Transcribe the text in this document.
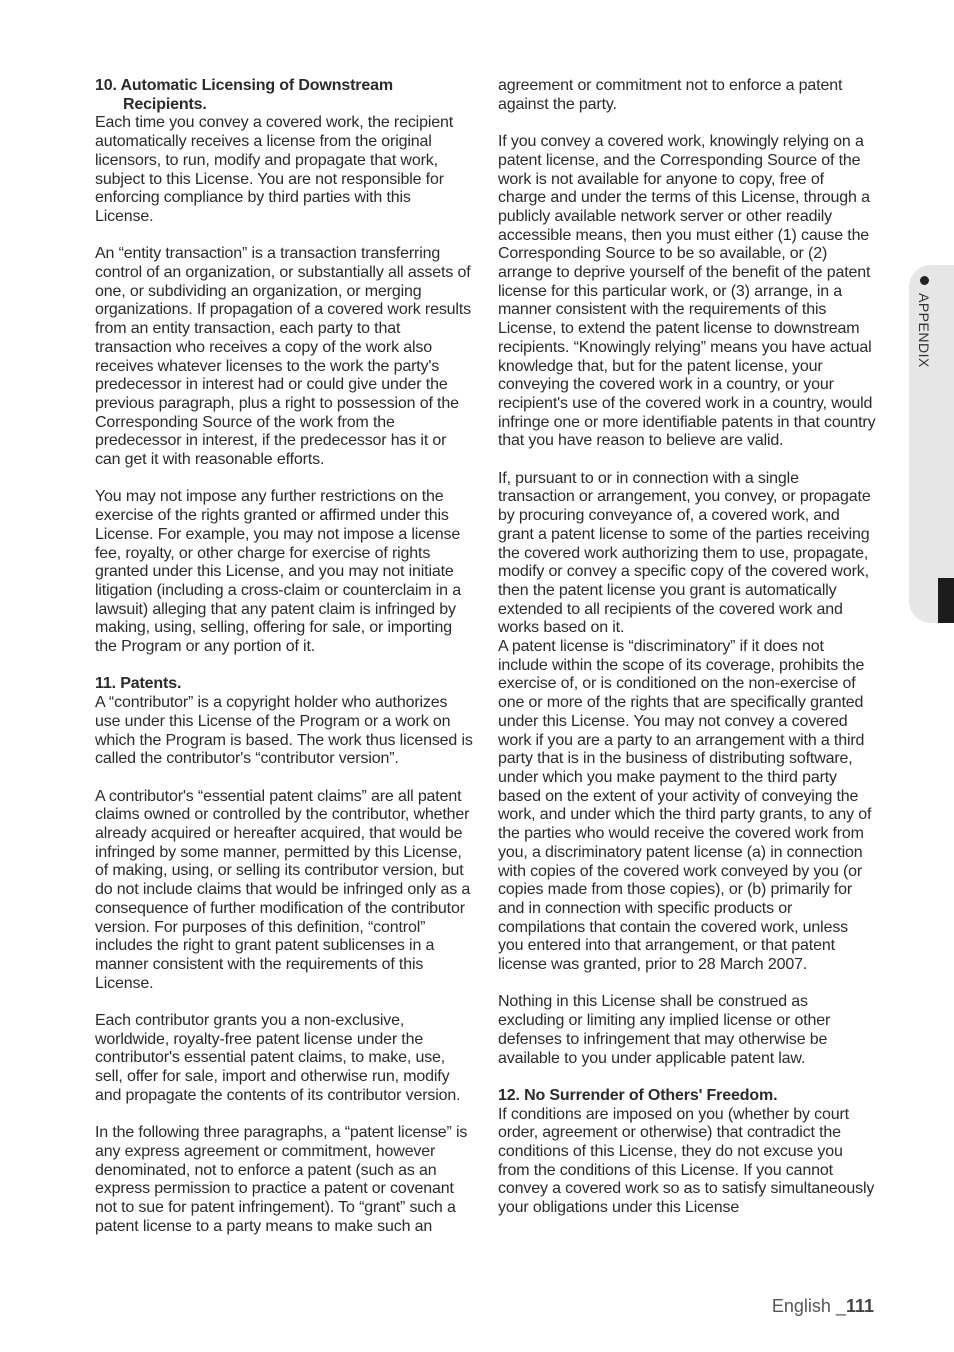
APPENDIX
10. Automatic Licensing of Downstream
Recipients.

Each time you convey a covered work, the recipient automatically receives a license from the original licensors, to run, modify and propagate that work, subject to this License. You are not responsible for enforcing compliance by third parties with this License.

An “entity transaction” is a transaction transferring control of an organization, or substantially all assets of one, or subdividing an organization, or merging organizations. If propagation of a covered work results from an entity transaction, each party to that transaction who receives a copy of the work also receives whatever licenses to the work the party's predecessor in interest had or could give under the previous paragraph, plus a right to possession of the Corresponding Source of the work from the predecessor in interest, if the predecessor has it or can get it with reasonable efforts.

You may not impose any further restrictions on the exercise of the rights granted or affirmed under this License. For example, you may not impose a license fee, royalty, or other charge for exercise of rights granted under this License, and you may not initiate litigation (including a cross-claim or counterclaim in a lawsuit) alleging that any patent claim is infringed by making, using, selling, offering for sale, or importing the Program or any portion of it.

11. Patents.

A “contributor” is a copyright holder who authorizes use under this License of the Program or a work on which the Program is based. The work thus licensed is called the contributor's “contributor version”.

A contributor's “essential patent claims” are all patent claims owned or controlled by the contributor, whether already acquired or hereafter acquired, that would be infringed by some manner, permitted by this License, of making, using, or selling its contributor version, but do not include claims that would be infringed only as a consequence of further modification of the contributor version. For purposes of this definition, “control” includes the right to grant patent sublicenses in a manner consistent with the requirements of this License.

Each contributor grants you a non-exclusive, worldwide, royalty-free patent license under the contributor's essential patent claims, to make, use, sell, offer for sale, import and otherwise run, modify and propagate the contents of its contributor version.

In the following three paragraphs, a “patent license” is any express agreement or commitment, however denominated, not to enforce a patent (such as an express permission to practice a patent or covenant not to sue for patent infringement). To “grant” such a patent license to a party means to make such an

agreement or commitment not to enforce a patent against the party.

If you convey a covered work, knowingly relying on a patent license, and the Corresponding Source of the work is not available for anyone to copy, free of charge and under the terms of this License, through a publicly available network server or other readily accessible means, then you must either (1) cause the Corresponding Source to be so available, or (2) arrange to deprive yourself of the benefit of the patent license for this particular work, or (3) arrange, in a manner consistent with the requirements of this License, to extend the patent license to downstream recipients. “Knowingly relying” means you have actual knowledge that, but for the patent license, your conveying the covered work in a country, or your recipient's use of the covered work in a country, would infringe one or more identifiable patents in that country that you have reason to believe are valid.

If, pursuant to or in connection with a single transaction or arrangement, you convey, or propagate by procuring conveyance of, a covered work, and grant a patent license to some of the parties receiving the covered work authorizing them to use, propagate, modify or convey a specific copy of the covered work, then the patent license you grant is automatically extended to all recipients of the covered work and works based on it.

A patent license is “discriminatory” if it does not include within the scope of its coverage, prohibits the exercise of, or is conditioned on the non-exercise of one or more of the rights that are specifically granted under this License. You may not convey a covered work if you are a party to an arrangement with a third party that is in the business of distributing software, under which you make payment to the third party based on the extent of your activity of conveying the work, and under which the third party grants, to any of the parties who would receive the covered work from you, a discriminatory patent license (a) in connection with copies of the covered work conveyed by you (or copies made from those copies), or (b) primarily for and in connection with specific products or compilations that contain the covered work, unless you entered into that arrangement, or that patent license was granted, prior to 28 March 2007.

Nothing in this License shall be construed as excluding or limiting any implied license or other defenses to infringement that may otherwise be available to you under applicable patent law.

12. No Surrender of Others' Freedom.

If conditions are imposed on you (whether by court order, agreement or otherwise) that contradict the conditions of this License, they do not excuse you from the conditions of this License. If you cannot convey a covered work so as to satisfy simultaneously your obligations under this License

English _111
